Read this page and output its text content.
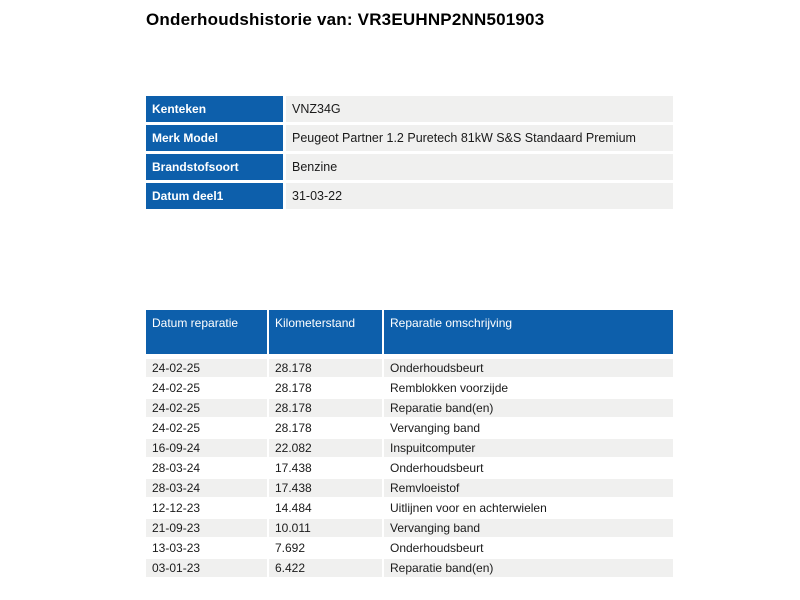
Onderhoudshistorie van: VR3EUHNP2NN501903
Kenteken	VNZ34G
Merk Model	Peugeot Partner 1.2 Puretech 81kW S&S Standaard Premium
Brandstofsoort	Benzine
Datum deel1	31-03-22
Datum reparatie	Kilometerstand	Reparatie omschrijving
24-02-25	28.178	Onderhoudsbeurt
24-02-25	28.178	Remblokken voorzijde
24-02-25	28.178	Reparatie band(en)
24-02-25	28.178	Vervanging band
16-09-24	22.082	Inspuitcomputer
28-03-24	17.438	Onderhoudsbeurt
28-03-24	17.438	Remvloeistof
12-12-23	14.484	Uitlijnen voor en achterwielen
21-09-23	10.011	Vervanging band
13-03-23	7.692	Onderhoudsbeurt
03-01-23	6.422	Reparatie band(en)
